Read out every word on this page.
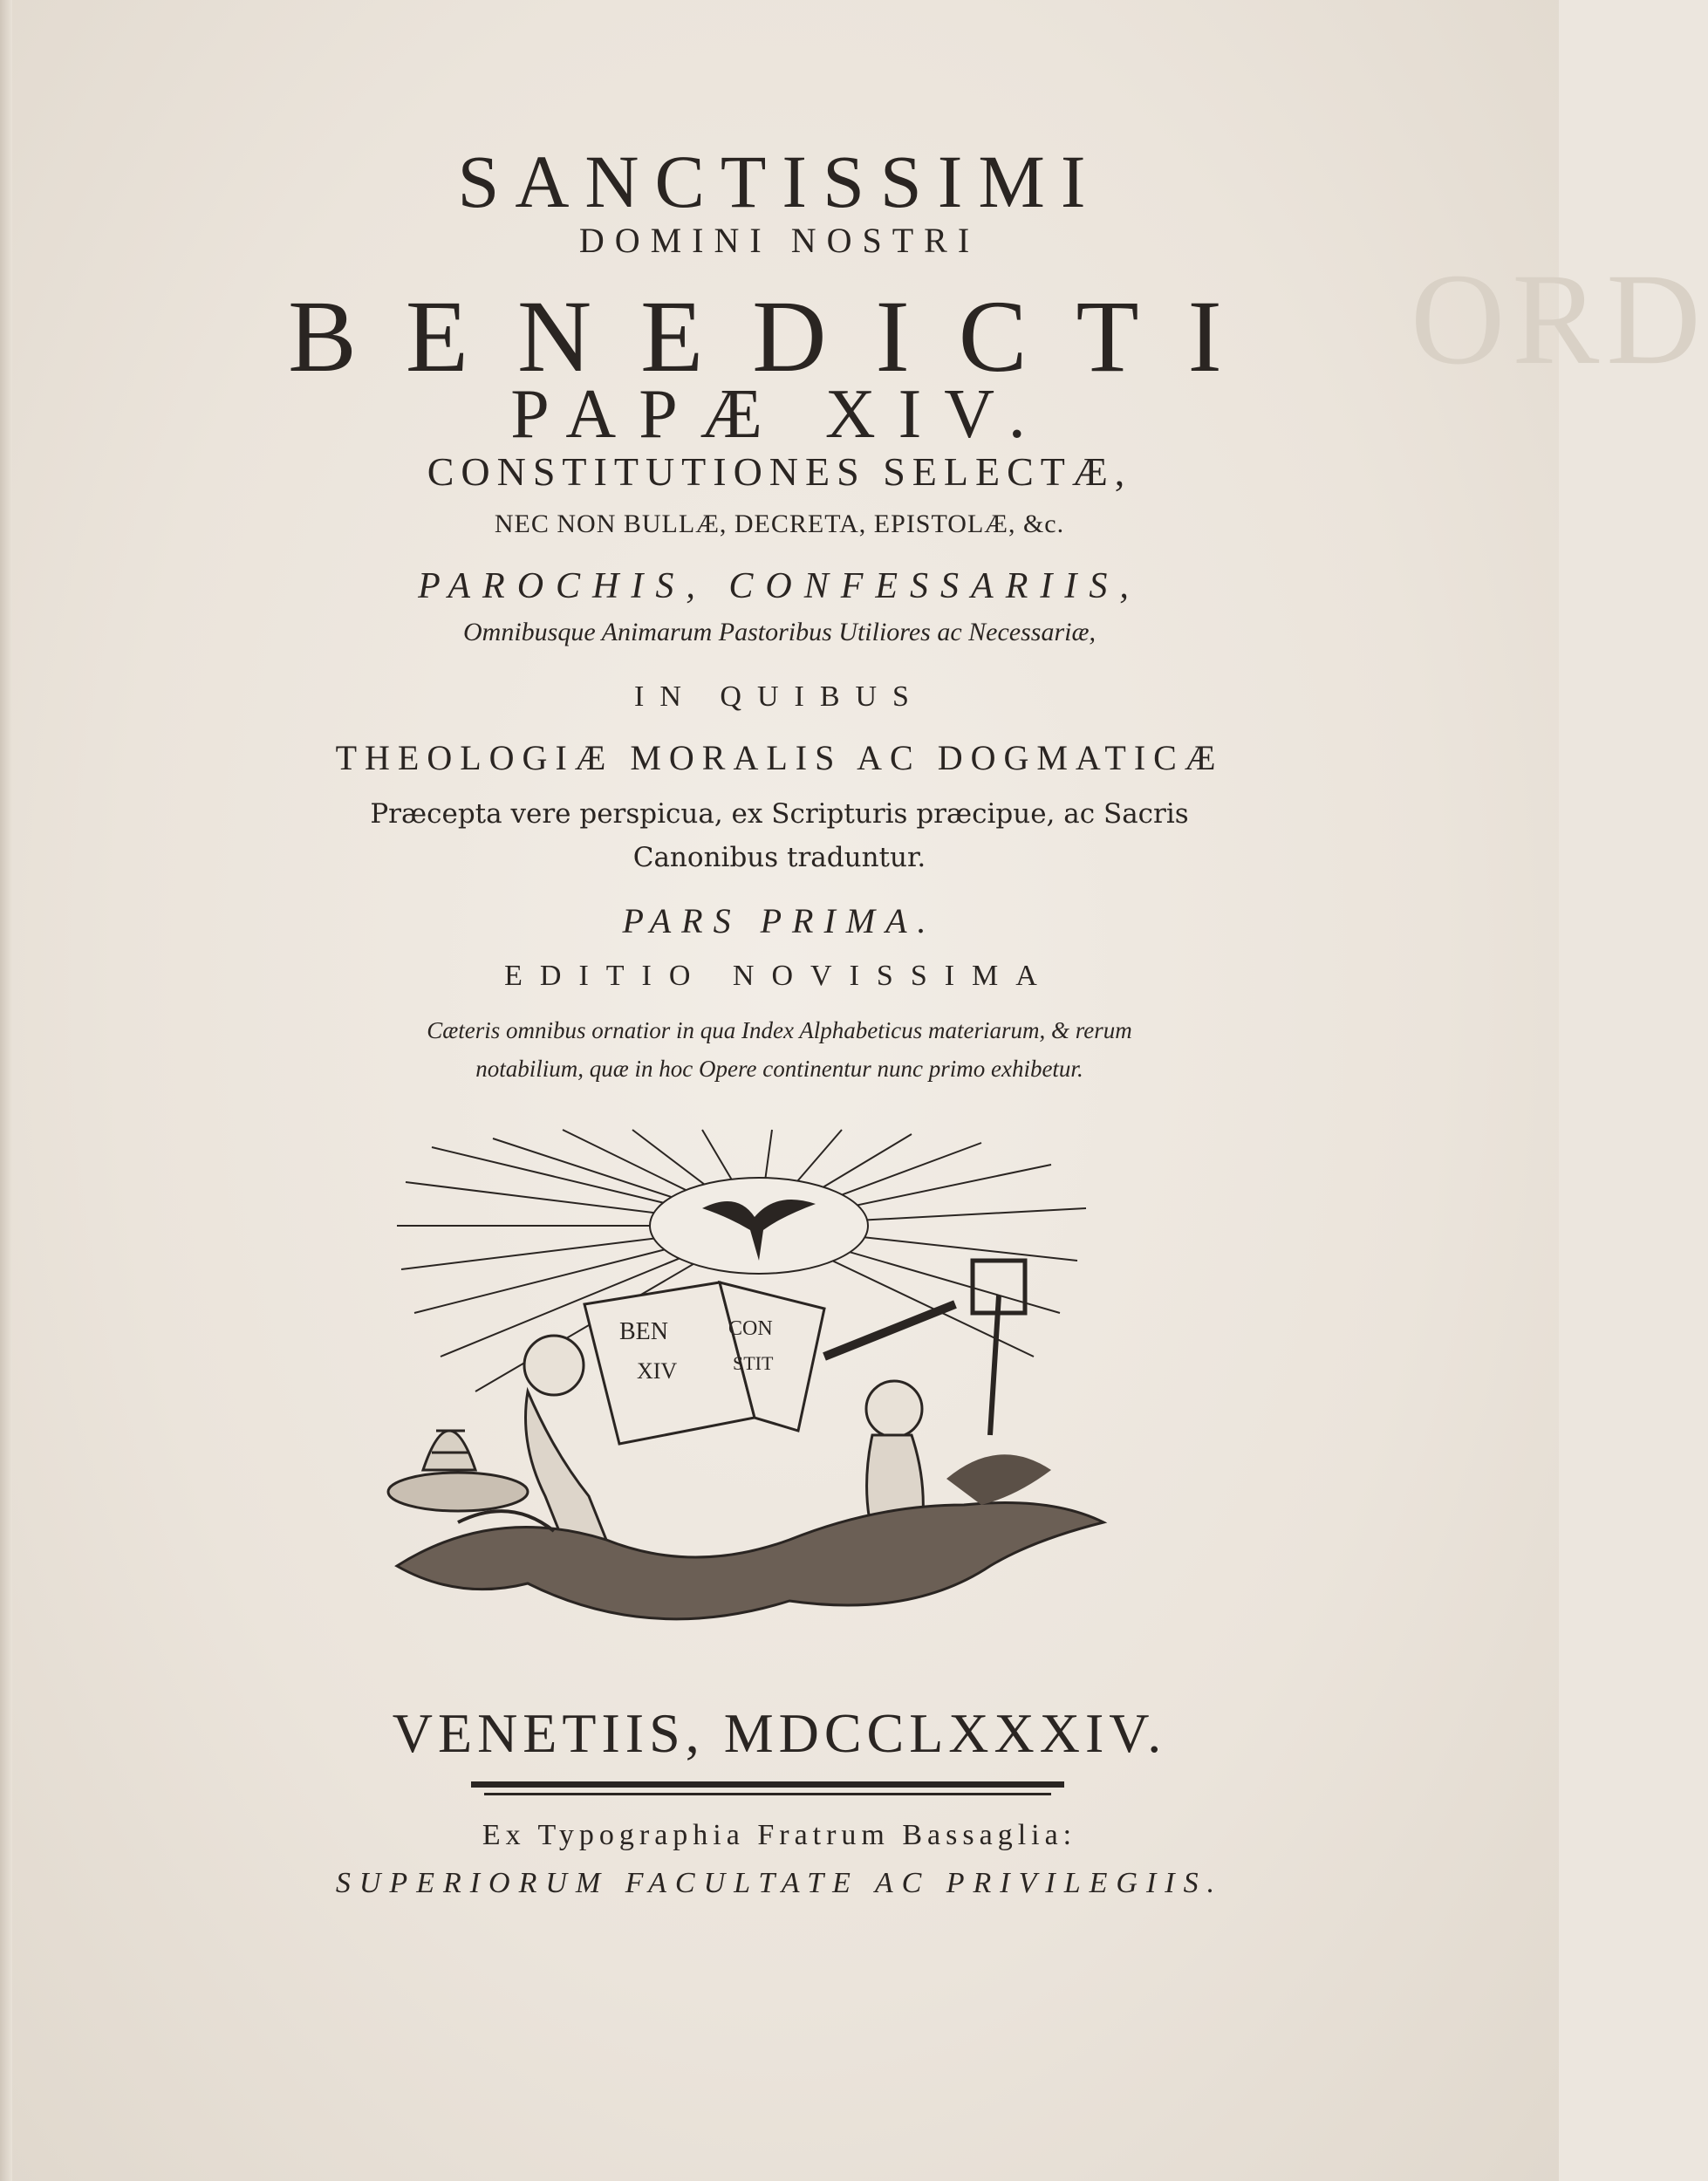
ORD
SANCTISSIMI
DOMINI NOSTRI
BENEDICTI
PAPÆ XIV.
CONSTITUTIONES SELECTÆ,
NEC NON BULLÆ, DECRETA, EPISTOLÆ, &c.
PAROCHIS, CONFESSARIIS,
Omnibusque Animarum Pastoribus Utiliores ac Necessariæ,
IN QUIBUS
THEOLOGIÆ MORALIS AC DOGMATICÆ
Præcepta vere perspicua, ex Scripturis præcipue, ac Sacris
Canonibus traduntur.
PARS PRIMA.
EDITIO NOVISSIMA
Cæteris omnibus ornatior in qua Index Alphabeticus materiarum, & rerum
notabilium, quæ in hoc Opere continentur nunc primo exhibetur.
BEN	CON
XIV	STIT
VENETIIS, MDCCLXXXIV.
Ex Typographia Fratrum Bassaglia:
SUPERIORUM FACULTATE AC PRIVILEGIIS.
